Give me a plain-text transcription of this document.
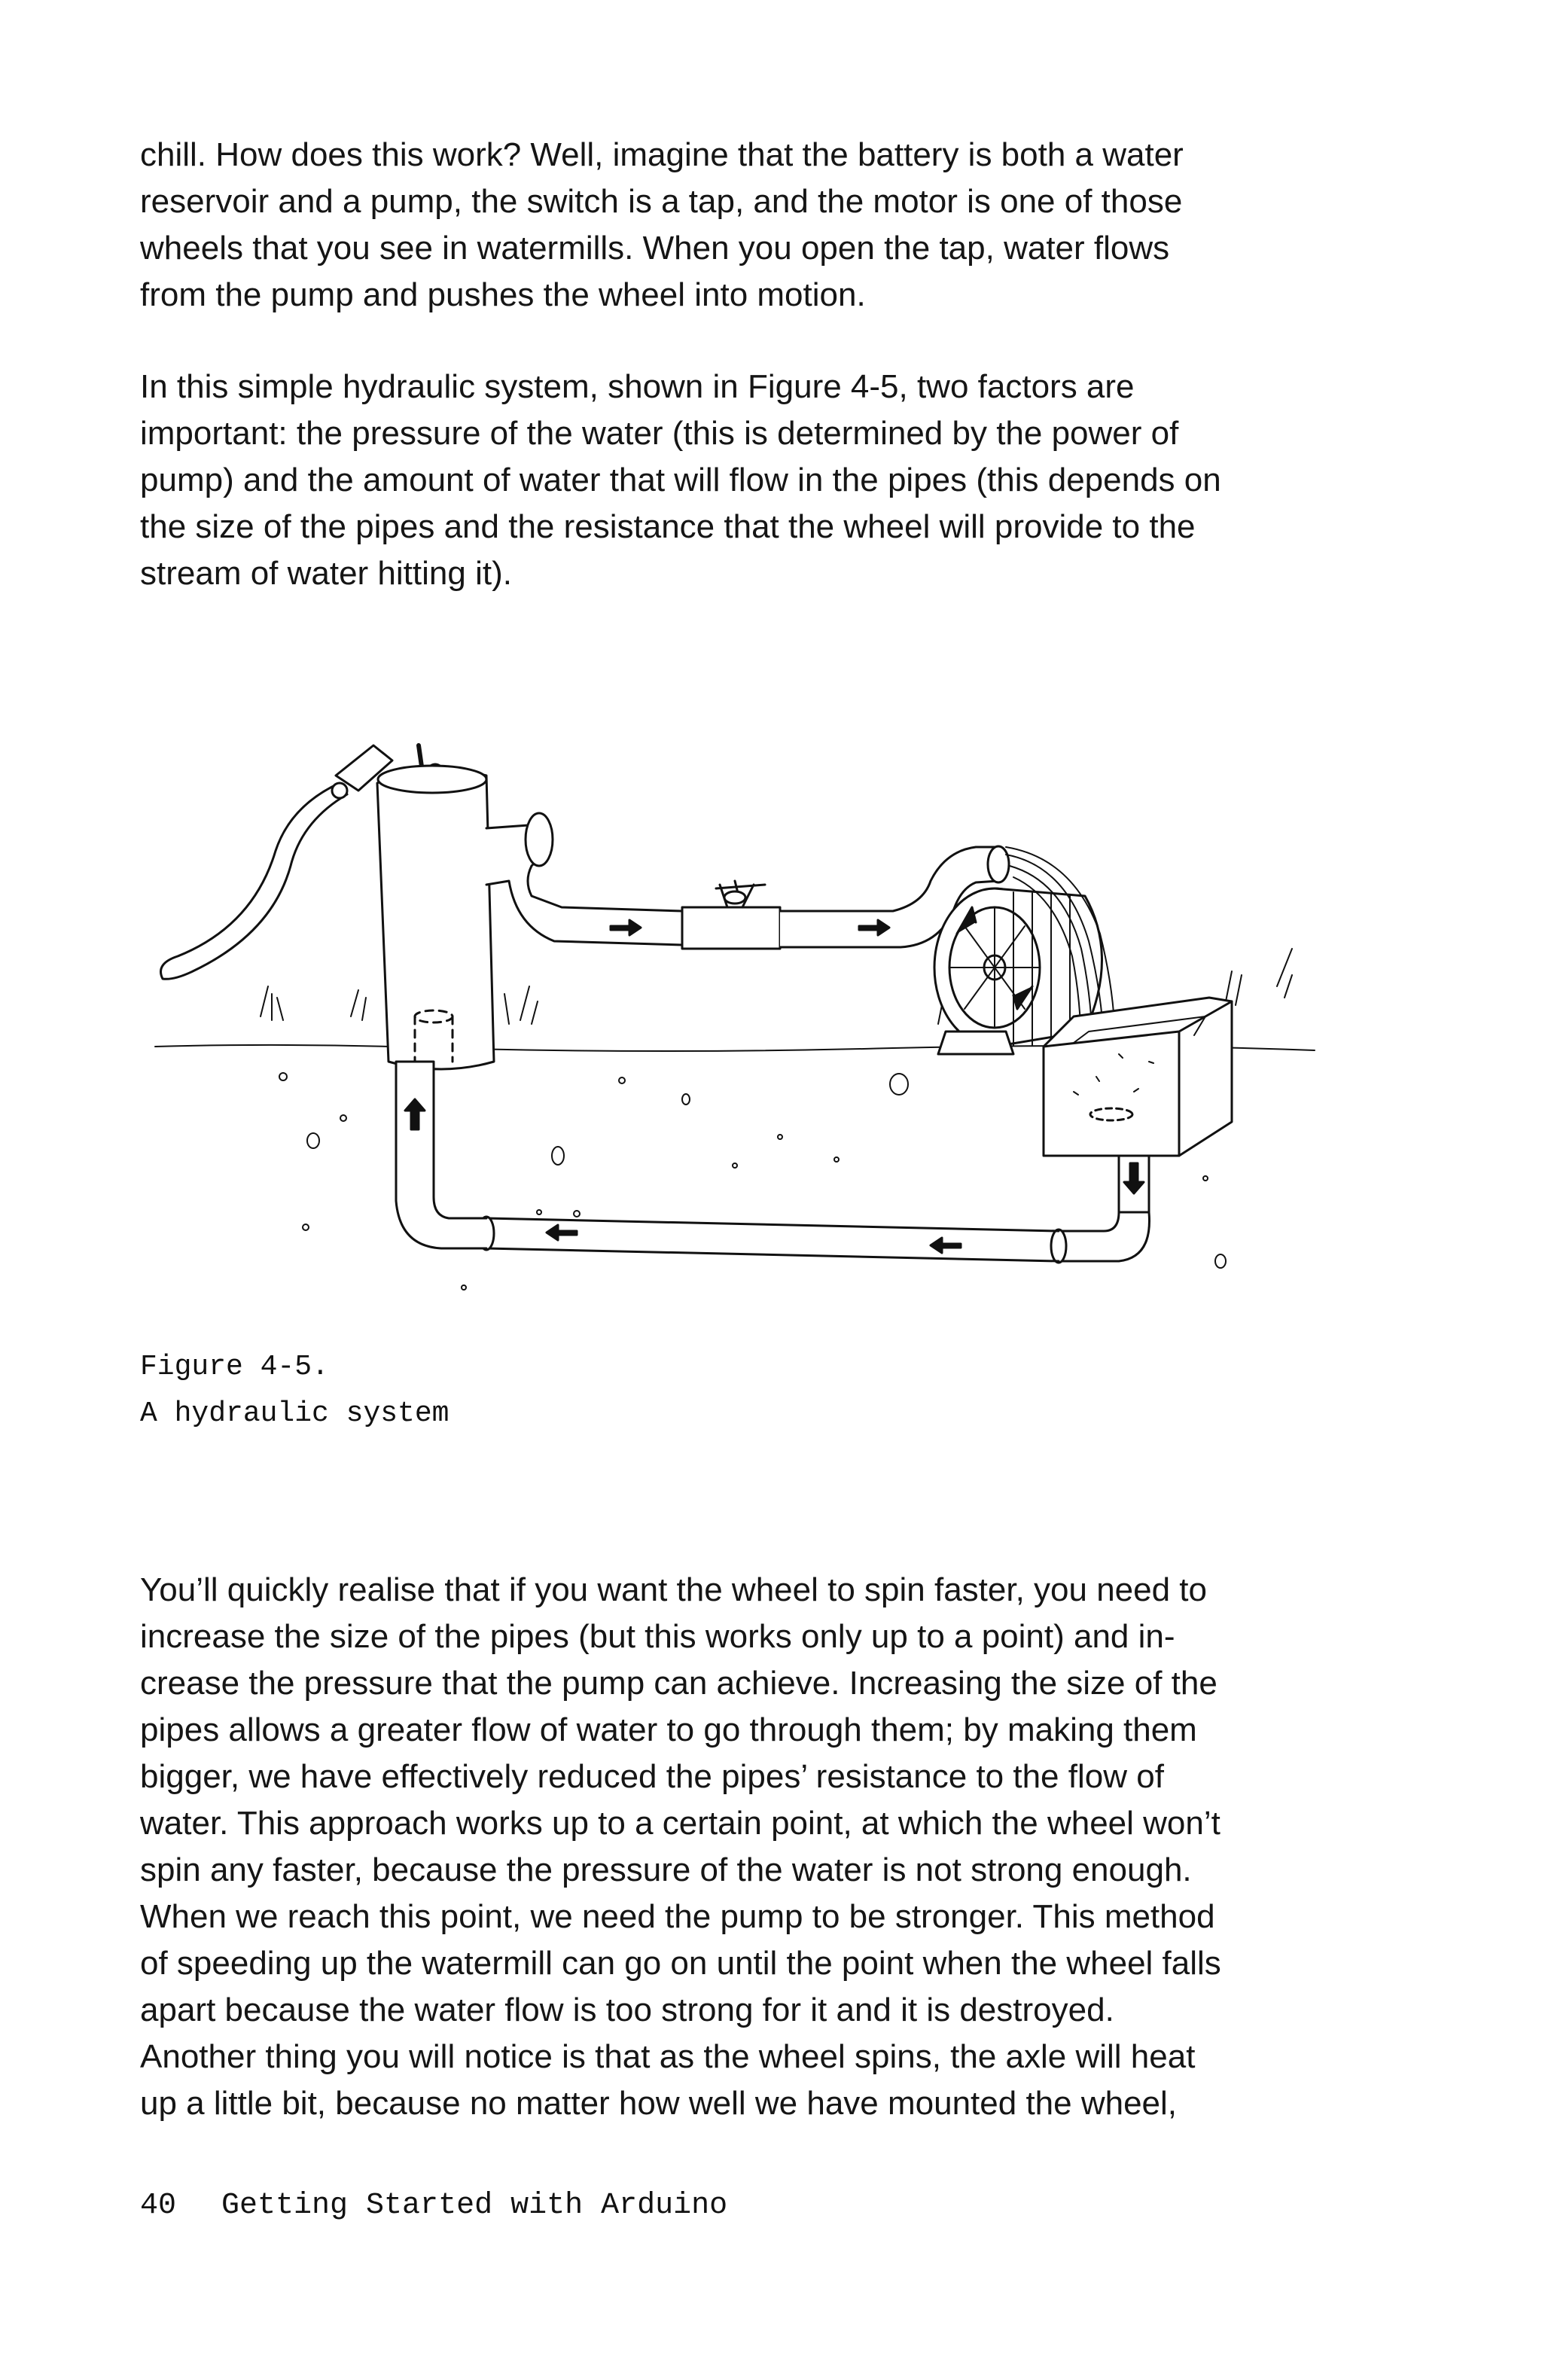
chill. How does this work? Well, imagine that the battery is both a water
reservoir and a pump, the switch is a tap, and the motor is one of those
wheels that you see in watermills. When you open the tap, water flows
from the pump and pushes the wheel into motion.

In this simple hydraulic system, shown in Figure 4-5, two factors are
important: the pressure of the water (this is determined by the power of
pump) and the amount of water that will flow in the pipes (this depends on
the size of the pipes and the resistance that the wheel will provide to the
stream of water hitting it).

Figure 4-5.
A hydraulic system

You’ll quickly realise that if you want the wheel to spin faster, you need to
increase the size of the pipes (but this works only up to a point) and in-
crease the pressure that the pump can achieve. Increasing the size of the
pipes allows a greater flow of water to go through them; by making them
bigger, we have effectively reduced the pipes’ resistance to the flow of
water. This approach works up to a certain point, at which the wheel won’t
spin any faster, because the pressure of the water is not strong enough.
When we reach this point, we need the pump to be stronger. This method
of speeding up the watermill can go on until the point when the wheel falls
apart because the water flow is too strong for it and it is destroyed.
Another thing you will notice is that as the wheel spins, the axle will heat
up a little bit, because no matter how well we have mounted the wheel,

40 Getting Started with Arduino
